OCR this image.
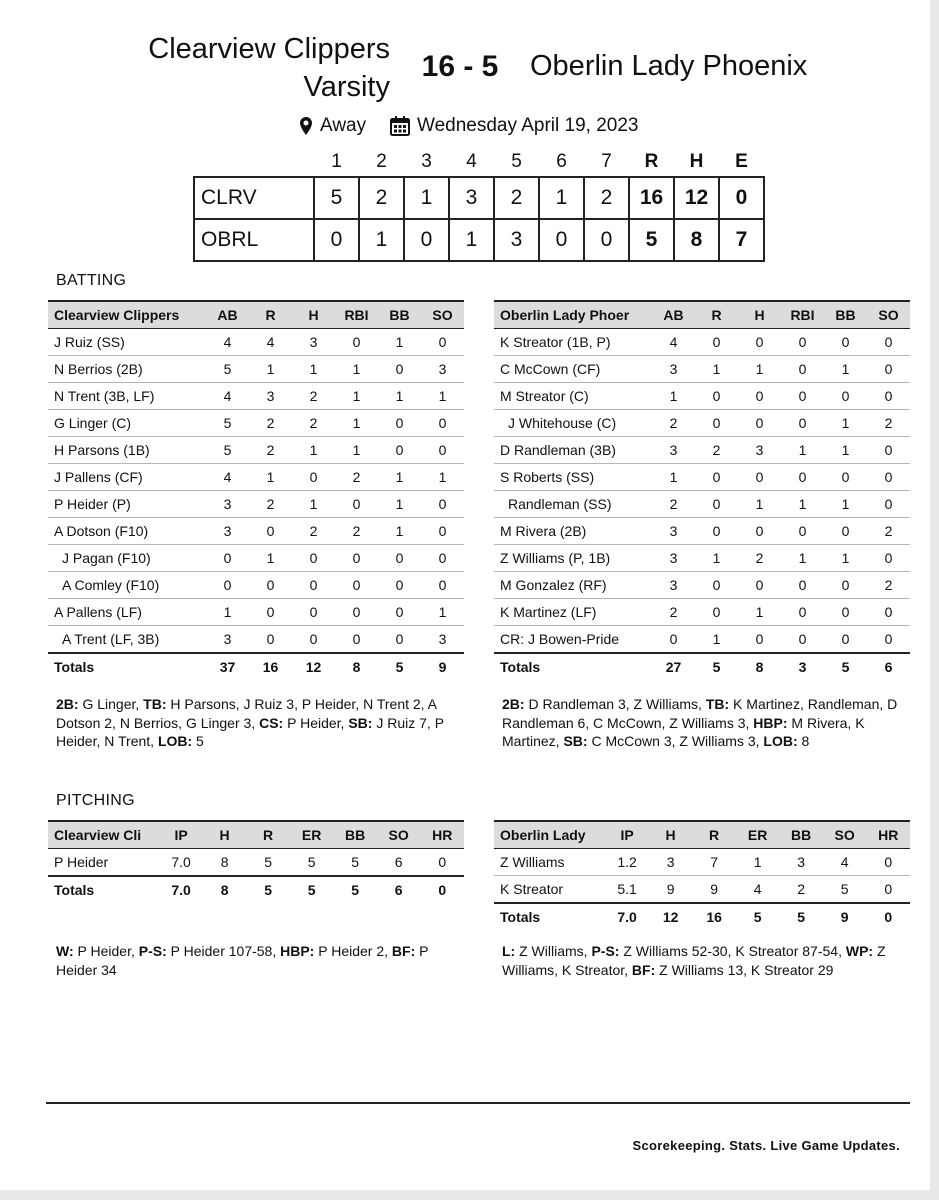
Clearview Clippers Varsity
16 - 5	Oberlin Lady Phoenix
Away	Wednesday April 19, 2023
	1	2	3	4	5	6	7	R	H	E
CLRV	5	2	1	3	2	1	2	16	12	0
OBRL	0	1	0	1	3	0	0	5	8	7
BATTING
Clearview Clippers	AB	R	H	RBI	BB	SO
J Ruiz (SS)	4	4	3	0	1	0
N Berrios (2B)	5	1	1	1	0	3
N Trent (3B, LF)	4	3	2	1	1	1
G Linger (C)	5	2	2	1	0	0
H Parsons (1B)	5	2	1	1	0	0
J Pallens (CF)	4	1	0	2	1	1
P Heider (P)	3	2	1	0	1	0
A Dotson (F10)	3	0	2	2	1	0
J Pagan (F10)	0	1	0	0	0	0
A Comley (F10)	0	0	0	0	0	0
A Pallens (LF)	1	0	0	0	0	1
A Trent (LF, 3B)	3	0	0	0	0	3
Totals	37	16	12	8	5	9
Oberlin Lady Phoer	AB	R	H	RBI	BB	SO
K Streator (1B, P)	4	0	0	0	0	0
C McCown (CF)	3	1	1	0	1	0
M Streator (C)	1	0	0	0	0	0
J Whitehouse (C)	2	0	0	0	1	2
D Randleman (3B)	3	2	3	1	1	0
S Roberts (SS)	1	0	0	0	0	0
Randleman (SS)	2	0	1	1	1	0
M Rivera (2B)	3	0	0	0	0	2
Z Williams (P, 1B)	3	1	2	1	1	0
M Gonzalez (RF)	3	0	0	0	0	2
K Martinez (LF)	2	0	1	0	0	0
CR: J Bowen-Pride	0	1	0	0	0	0
Totals	27	5	8	3	5	6
2B: G Linger, TB: H Parsons, J Ruiz 3, P Heider, N Trent 2, A Dotson 2, N Berrios, G Linger 3, CS: P Heider, SB: J Ruiz 7, P Heider, N Trent, LOB: 5
2B: D Randleman 3, Z Williams, TB: K Martinez, Randleman, D Randleman 6, C McCown, Z Williams 3, HBP: M Rivera, K Martinez, SB: C McCown 3, Z Williams 3, LOB: 8
PITCHING
Clearview Cli	IP	H	R	ER	BB	SO	HR
P Heider	7.0	8	5	5	5	6	0
Totals	7.0	8	5	5	5	6	0
Oberlin Lady	IP	H	R	ER	BB	SO	HR
Z Williams	1.2	3	7	1	3	4	0
K Streator	5.1	9	9	4	2	5	0
Totals	7.0	12	16	5	5	9	0
W: P Heider, P-S: P Heider 107-58, HBP: P Heider 2, BF: P Heider 34
L: Z Williams, P-S: Z Williams 52-30, K Streator 87-54, WP: Z Williams, K Streator, BF: Z Williams 13, K Streator 29
Scorekeeping. Stats. Live Game Updates.
